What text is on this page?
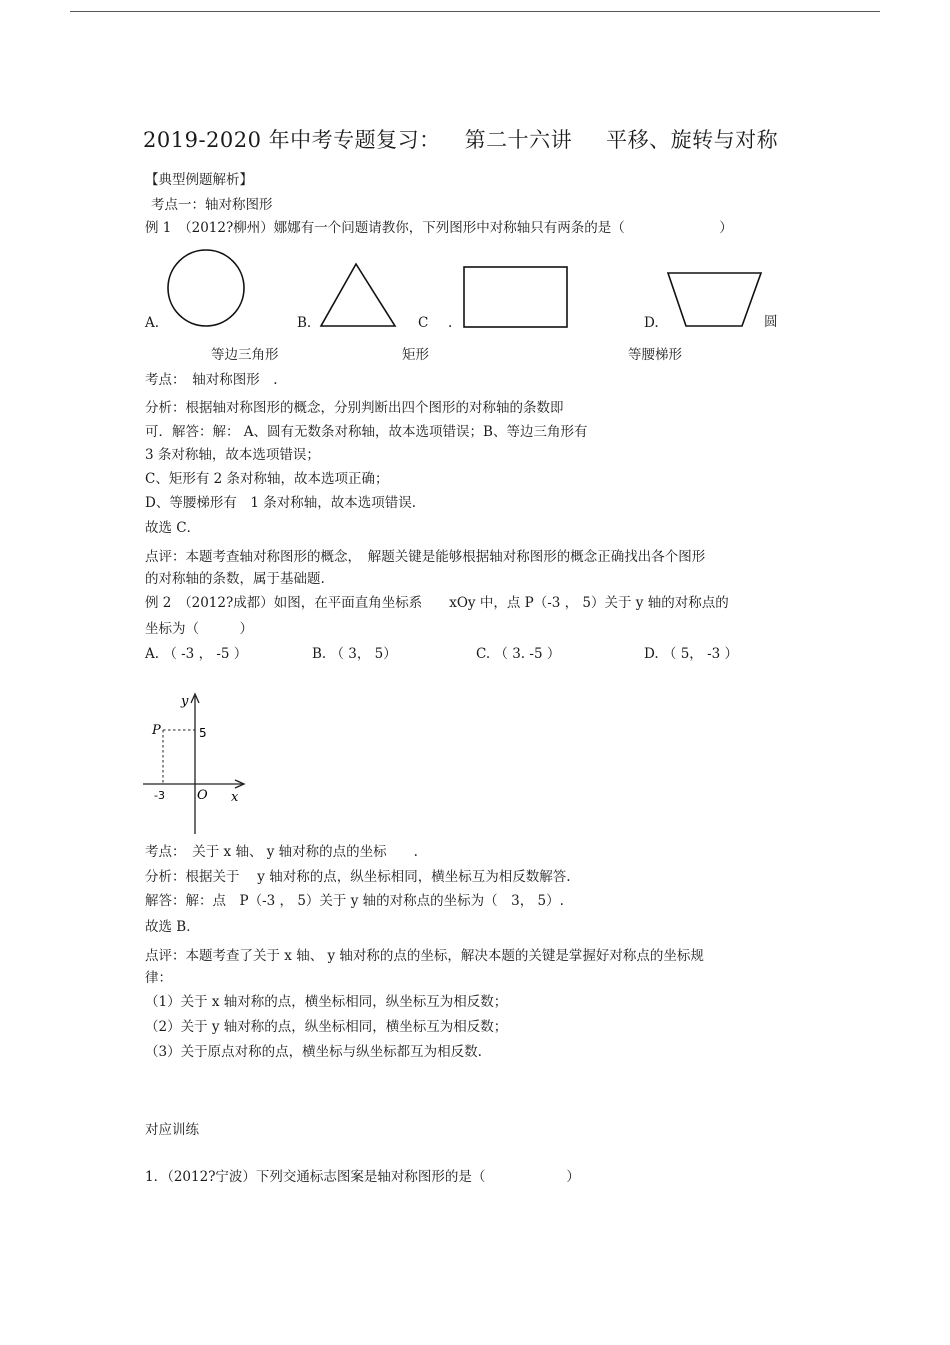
2019-2020 年中考专题复习： 第二十六讲 平移、旋转与对称
【典型例题解析】
考点一：轴对称图形
例 1　（2012?柳州）娜娜有一个问题请教你，下列图形中对称轴只有两条的是（　　　　　　　）
A.	B.	C .	D.	圆
等边三角形	矩形	等腰梯形
考点：　轴对称图形　.
分析：根据轴对称图形的概念，分别判断出四个图形的对称轴的条数即
可．解答：解： A、圆有无数条对称轴，故本选项错误；B、等边三角形有
3 条对称轴，故本选项错误；
C、矩形有 2 条对称轴，故本选项正确；
D、等腰梯形有　1 条对称轴，故本选项错误.
故选 C．
点评：本题考查轴对称图形的概念，　解题关键是能够根据轴对称图形的概念正确找出各个图形
的对称轴的条数，属于基础题.
例 2　（2012?成都）如图，在平面直角坐标系　　xOy 中，点 P（-3 ， 5）关于 y 轴的对称点的
坐标为（　　　）
A. （ -3 ， -5 ）	B. （ 3， 5）	C. （ 3. -5 ）	D. （ 5， -3 ）
y
x
P
O
-3
5
考点：　关于 x 轴、 y 轴对称的点的坐标　　.
分析：根据关于　 y 轴对称的点，纵坐标相同，横坐标互为相反数解答.
解答：解：点　P（-3 ， 5）关于 y 轴的对称点的坐标为（　3， 5）.
故选 B．
点评：本题考查了关于 x 轴、 y 轴对称的点的坐标，解决本题的关键是掌握好对称点的坐标规
律：
（1）关于 x 轴对称的点，横坐标相同，纵坐标互为相反数；
（2）关于 y 轴对称的点，纵坐标相同，横坐标互为相反数；
（3）关于原点对称的点，横坐标与纵坐标都互为相反数.
对应训练
1．（2012?宁波）下列交通标志图案是轴对称图形的是（　　　　　　）
